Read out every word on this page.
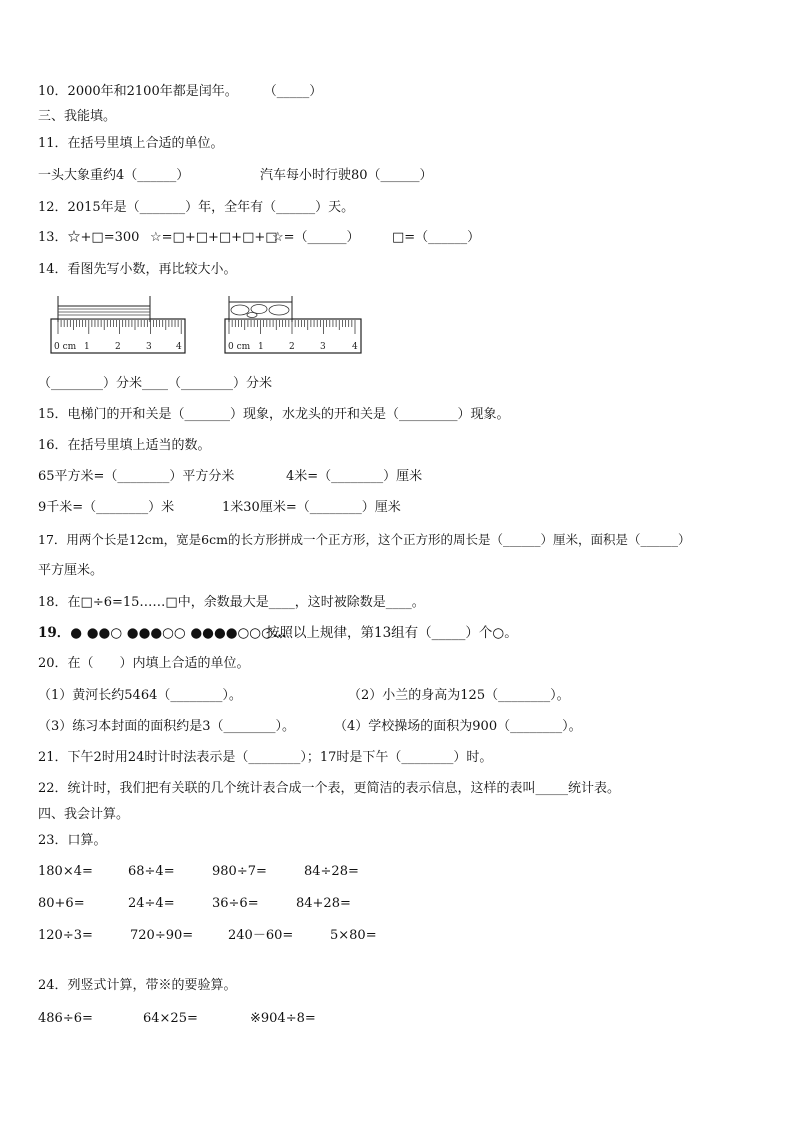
10．2000年和2100年都是闰年。　　　（_____）
三、我能填。
11．在括号里填上合适的单位。
一头大象重约4（______）	汽车每小时行驶80（______）
12．2015年是（_______）年，全年有（______）天。
13．☆+□=300 ☆=□+□+□+□+□
☆=（______） □=（______）
14．看图先写小数，再比较大小。
0 cm 1	2	3	4	0 cm 1	2	3	4
（________）分米____（________）分米
15．电梯门的开和关是（_______）现象，水龙头的开和关是（_________）现象。
16．在括号里填上适当的数。
65平方米=（________）平方分米	4米=（________）厘米
9千米=（________）米	1米30厘米=（________）厘米
17．用两个长是12cm，宽是6cm的长方形拼成一个正方形，这个正方形的周长是（______）厘米，面积是（______）
平方厘米。
18．在□÷6=15……□中，余数最大是____，这时被除数是____。
19．● ●●○ ●●●○○ ●●●●○○○…
按照以上规律，第13组有（_____）个○。
20．在（　　）内填上合适的单位。
（1）黄河长约5464（________）。	（2）小兰的身高为125（________）。
（3）练习本封面的面积约是3（________）。	（4）学校操场的面积为900（________）。
21．下午2时用24时计时法表示是（________）；17时是下午（________）时。
22．统计时，我们把有关联的几个统计表合成一个表，更简洁的表示信息，这样的表叫_____统计表。
四、我会计算。
23．口算。
180×4=	68÷4=	980÷7=	84÷28=
80+6=	24÷4=	36÷6=	84+28=
120÷3=	720÷90=	240－60=	5×80=
24．列竖式计算，带※的要验算。
486÷6=	64×25=	※904÷8=
